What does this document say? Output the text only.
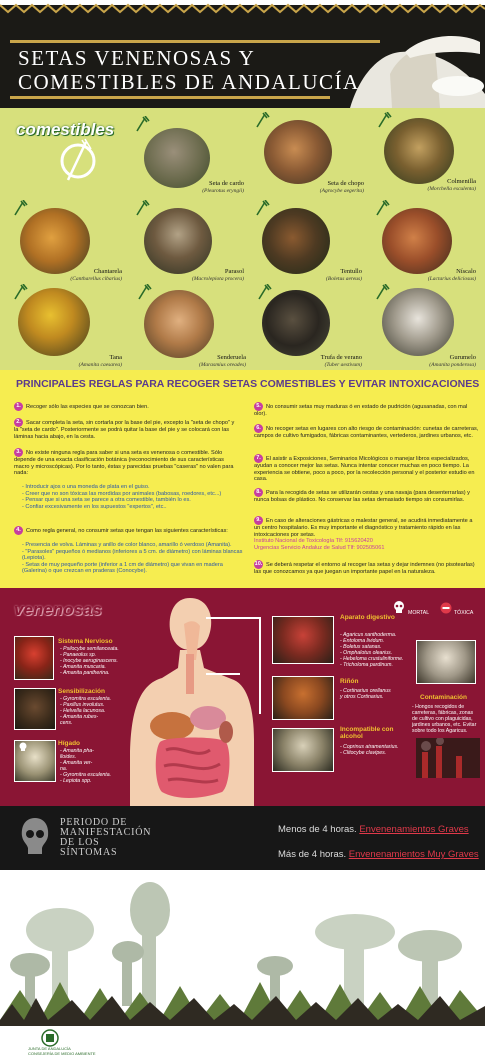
SETAS VENENOSAS Y
COMESTIBLES DE ANDALUCÍA
comestibles
Seta de cardo
(Pleurotus eryngii)
Seta de chopo
(Agrocybe aegerita)
Colmenilla
(Morchella esculenta)
Chantarela
(Cantharellus cibarius)
Parasol
(Macrolepiota procera)
Tentullo
(Boletus aereus)
Níscalo
(Lactarius deliciosus)
Tana
(Amanita caesarea)
Senderuela
(Marasmius oreades)
Trufa de verano
(Tuber aestivum)
Gurumelo
(Amanita ponderosa)
PRINCIPALES REGLAS PARA RECOGER SETAS COMESTIBLES Y EVITAR INTOXICACIONES
1. Recoger sólo las especies que se conozcan bien.
2. Sacar completa la seta, sin cortarla por la base del pie, excepto la "seta de chopo" y la "seta de cardo". Posteriormente se podrá quitar la base del pie y se colocará con las láminas hacia abajo, en la cesta.
3. No existe ninguna regla para saber si una seta es venenosa o comestible. Sólo depende de una exacta clasificación botánica (reconocimiento de sus características macro y microscópicas). Por lo tanto, éstas y parecidas pruebas "caseras" no valen para nada:
- Introducir ajos o una moneda de plata en el guiso.
- Creer que no son tóxicas las mordidas por animales (babosas, roedores, etc...)
- Pensar que si una seta se parece a otra comestible, también lo es.
- Confiar excesivamente en los supuestos "expertos", etc..
4. Como regla general, no consumir setas que tengan las siguientes características:
- Presencia de volva. Láminas y anillo de color blanco, amarillo ó verdoso (Amanita).
- "Parasoles" pequeños ó medianos (inferiores a 5 cm. de diámetro) con láminas blancas (Lepiota).
- Setas de muy pequeño porte (inferior a 1 cm de diámetro) que vivan en madera (Galerina) o que crezcan en praderas (Conocybe).
5. No consumir setas muy maduras ó en estado de pudrición (agusanadas, con mal olor).
6. No recoger setas en lugares con alto riesgo de contaminación: cunetas de carreteras, campos de cultivo fumigados, fábricas contaminantes, vertederos, jardines urbanos, etc.
7. El asistir a Exposiciones, Seminarios Micológicos o manejar libros especializados, ayudan a conocer mejor las setas. Nunca intentar conocer muchas en poco tiempo. La experiencia se obtiene, poco a poco, por la recolección personal y el posterior estudio en casa.
8. Para la recogida de setas se utilizarán cestas y una navaja (para desenterrarlas) y nunca bolsas de plástico. No conservar las setas demasiado tiempo sin consumirlas.
9. En caso de alteraciones gástricas o malestar general, se acudirá inmediatamente a un centro hospitalario. Es muy importante el diagnóstico y tratamiento rápido en las intoxicaciones por setas.
Instituto Nacional de Toxicología Tlf: 915620420
Urgencias Servicio Andaluz de Salud Tlf: 902505061
10. Se deberá respetar el entorno al recoger las setas y dejar indemnes (no pisotearlas) las que conozcamos ya que juegan un importante papel en la naturaleza.
venenosas
Sistema Nervioso
- Psilocybe semilanceata.
- Panaeolus sp.
- Inocybe aeruginascens.
- Amanita muscaria.
- Amanita pantherina.
Sensibilización
- Gyromitra esculenta.
- Paxillus involutus.
- Helvella lacunosa.
- Amanita rubes-
cens.
Hígado
- Amanita pha-
lloides.
- Amanita ver-
na.
- Gyromitra esculenta.
- Lepiota spp.
Aparato digestivo
- Agaricus xanthoderma.
- Entoloma lividum.
- Boletus satanas.
- Omphalotus olearius.
- Hebeloma crustuliniforme.
- Tricholoma pardinum.
Riñón
- Cortinarius orellanus
y otros Cortinarius.
Incompatible con alcohol
- Coprinus atramentarius.
- Clitocybe clavipes.
MORTAL	TÓXICA
Contaminación
- Hongos recogidos de carreteras, fábricas, zonas de cultivo con plaguicidas, jardines urbanos, etc. Evitar sobre todo los Agaricus.
PERIODO DE
MANIFESTACIÓN
DE LOS
SÍNTOMAS
Menos de 4 horas. Envenenamientos Graves
Más de 4 horas. Envenenamientos Muy Graves
JUNTA DE ANDALUCÍA
CONSEJERÍA DE MEDIO AMBIENTE
